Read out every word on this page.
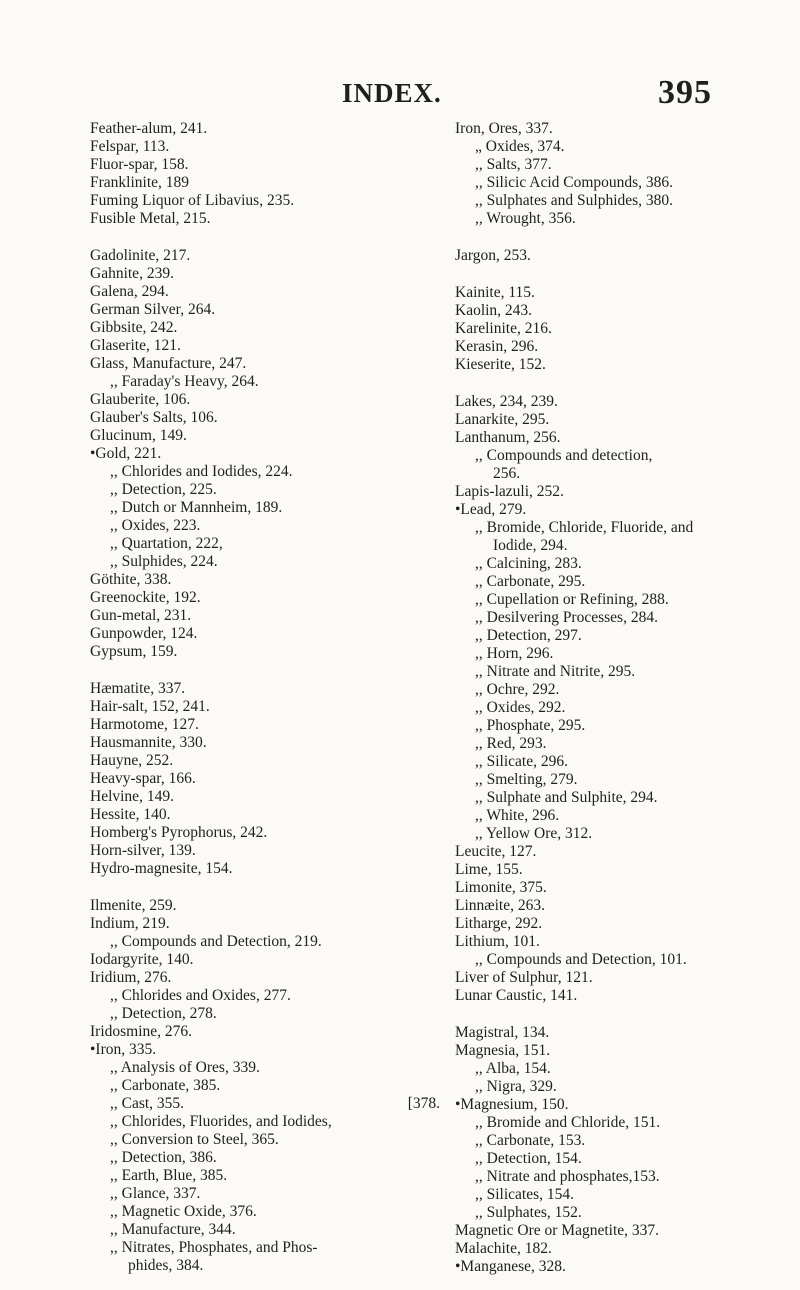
INDEX.	395
Feather-alum, 241.
Felspar, 113.
Fluor-spar, 158.
Franklinite, 189
Fuming Liquor of Libavius, 235.
Fusible Metal, 215.
Gadolinite, 217.
Gahnite, 239.
Galena, 294.
German Silver, 264.
Gibbsite, 242.
Glaserite, 121.
Glass, Manufacture, 247.
,, Faraday's Heavy, 264.
Glauberite, 106.
Glauber's Salts, 106.
Glucinum, 149.
•Gold, 221.
,, Chlorides and Iodides, 224.
,, Detection, 225.
,, Dutch or Mannheim, 189.
,, Oxides, 223.
,, Quartation, 222,
,, Sulphides, 224.
Göthite, 338.
Greenockite, 192.
Gun-metal, 231.
Gunpowder, 124.
Gypsum, 159.
Hæmatite, 337.
Hair-salt, 152, 241.
Harmotome, 127.
Hausmannite, 330.
Hauyne, 252.
Heavy-spar, 166.
Helvine, 149.
Hessite, 140.
Homberg's Pyrophorus, 242.
Horn-silver, 139.
Hydro-magnesite, 154.
Ilmenite, 259.
Indium, 219.
,, Compounds and Detection, 219.
Iodargyrite, 140.
Iridium, 276.
,, Chlorides and Oxides, 277.
,, Detection, 278.
Iridosmine, 276.
•Iron, 335.
,, Analysis of Ores, 339.
,, Carbonate, 385.
,, Cast, 355.	[378.
,, Chlorides, Fluorides, and Iodides,
,, Conversion to Steel, 365.
,, Detection, 386.
,, Earth, Blue, 385.
,, Glance, 337.
,, Magnetic Oxide, 376.
,, Manufacture, 344.
,, Nitrates, Phosphates, and Phos-
phides, 384.
Iron, Ores, 337.
„ Oxides, 374.
,, Salts, 377.
,, Silicic Acid Compounds, 386.
,, Sulphates and Sulphides, 380.
,, Wrought, 356.
Jargon, 253.
Kainite, 115.
Kaolin, 243.
Karelinite, 216.
Kerasin, 296.
Kieserite, 152.
Lakes, 234, 239.
Lanarkite, 295.
Lanthanum, 256.
,, Compounds and detection,
256.
Lapis-lazuli, 252.
•Lead, 279.
,, Bromide, Chloride, Fluoride, and
Iodide, 294.
,, Calcining, 283.
,, Carbonate, 295.
,, Cupellation or Refining, 288.
,, Desilvering Processes, 284.
,, Detection, 297.
,, Horn, 296.
,, Nitrate and Nitrite, 295.
,, Ochre, 292.
,, Oxides, 292.
,, Phosphate, 295.
,, Red, 293.
,, Silicate, 296.
,, Smelting, 279.
,, Sulphate and Sulphite, 294.
,, White, 296.
,, Yellow Ore, 312.
Leucite, 127.
Lime, 155.
Limonite, 375.
Linnæite, 263.
Litharge, 292.
Lithium, 101.
,, Compounds and Detection, 101.
Liver of Sulphur, 121.
Lunar Caustic, 141.
Magistral, 134.
Magnesia, 151.
,, Alba, 154.
,, Nigra, 329.
•Magnesium, 150.
,, Bromide and Chloride, 151.
,, Carbonate, 153.
,, Detection, 154.
,, Nitrate and phosphates,153.
,, Silicates, 154.
,, Sulphates, 152.
Magnetic Ore or Magnetite, 337.
Malachite, 182.
•Manganese, 328.
